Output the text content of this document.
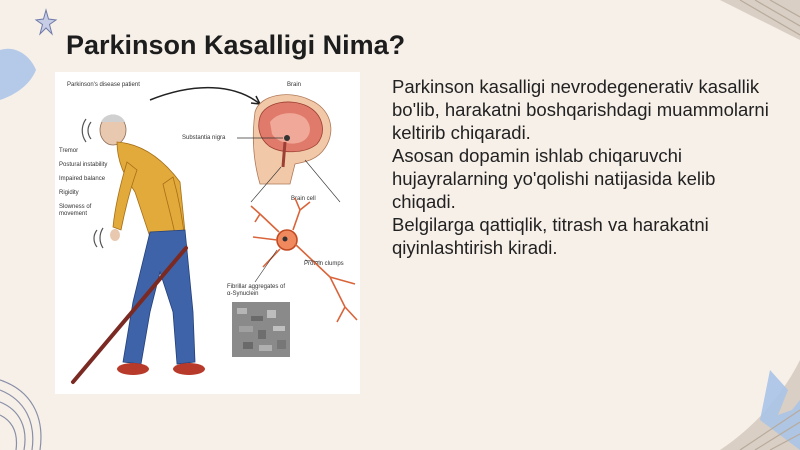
Parkinson Kasalligi Nima?

Parkinson kasalligi nevrodegenerativ kasallik bo'lib, harakatni boshqarishdagi muammolarni keltirib chiqaradi.

Asosan dopamin ishlab chiqaruvchi hujayralarning yo'qolishi natijasida kelib chiqadi.

Belgilarga qattiqlik, titrash va harakatni qiyinlashtirish kiradi.

Parkinson's disease patient	Brain
Substantia nigra
Brain cell
Protein clumps
Fibrillar aggregates of α-Synuclein
Tremor
Postural instability
Impaired balance
Rigidity
Slowness of movement
